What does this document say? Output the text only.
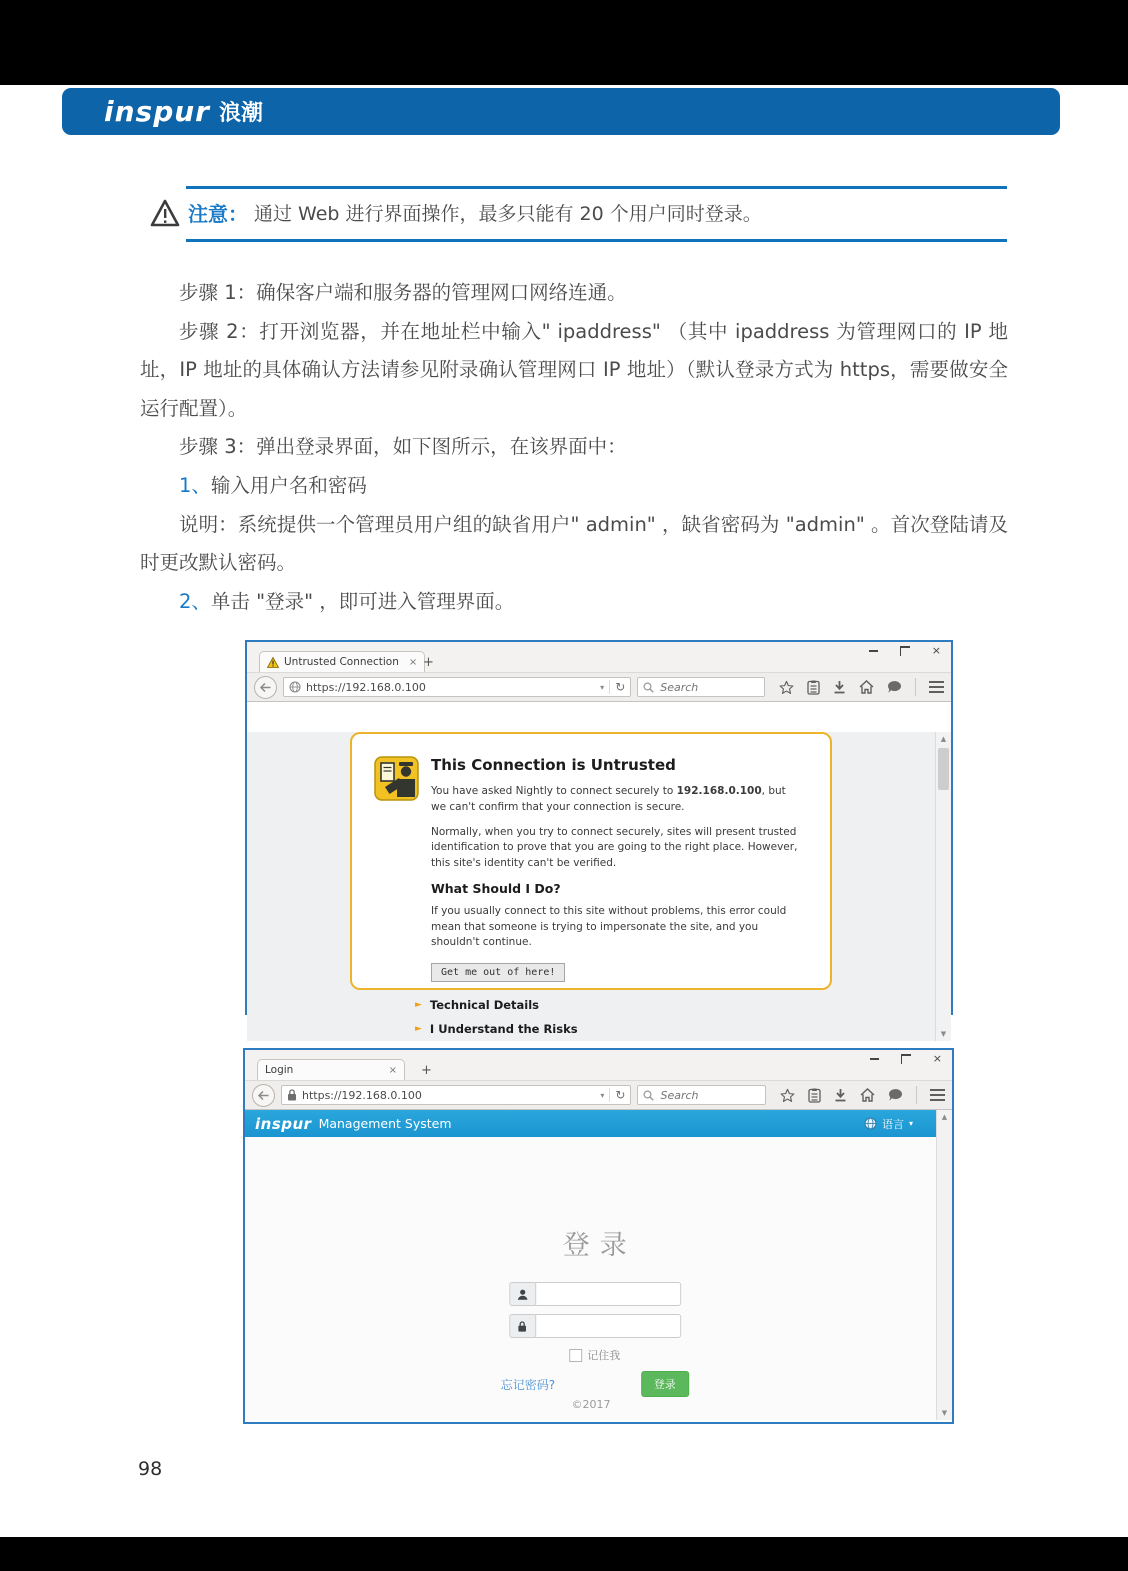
inspur 浪潮
注意： 通过 Web 进行界面操作，最多只能有 20 个用户同时登录。

步骤 1：确保客户端和服务器的管理网口网络连通。

步骤 2：打开浏览器，并在地址栏中输入" ipaddress" （其中 ipaddress 为管理网口的 IP 地址，IP 地址的具体确认方法请参见附录确认管理网口 IP 地址）（默认登录方式为 https，需要做安全运行配置）。

步骤 3：弹出登录界面，如下图所示，在该界面中：

1、输入用户名和密码

说明：系统提供一个管理员用户组的缺省用户" admin" ，缺省密码为 "admin" 。首次登陆请及时更改默认密码。

2、单击 "登录" ，即可进入管理界面。

Untrusted Connection × +
×
https://192.168.0.100	▾ ↻
Search
This Connection is Untrusted

You have asked Nightly to connect securely to 192.168.0.100, but we can't confirm that your connection is secure.

Normally, when you try to connect securely, sites will present trusted identification to prove that you are going to the right place. However, this site's identity can't be verified.

What Should I Do?

If you usually connect to this site without problems, this error could mean that someone is trying to impersonate the site, and you shouldn't continue.

Get me out of here!
► Technical Details
► I Understand the Risks
▲
▼
Login	× +
×
https://192.168.0.100	▾ ↻
Search
inspur Management System	语言 ▾
登录
记住我
忘记密码?	登录
©2017
▲
▼
98
